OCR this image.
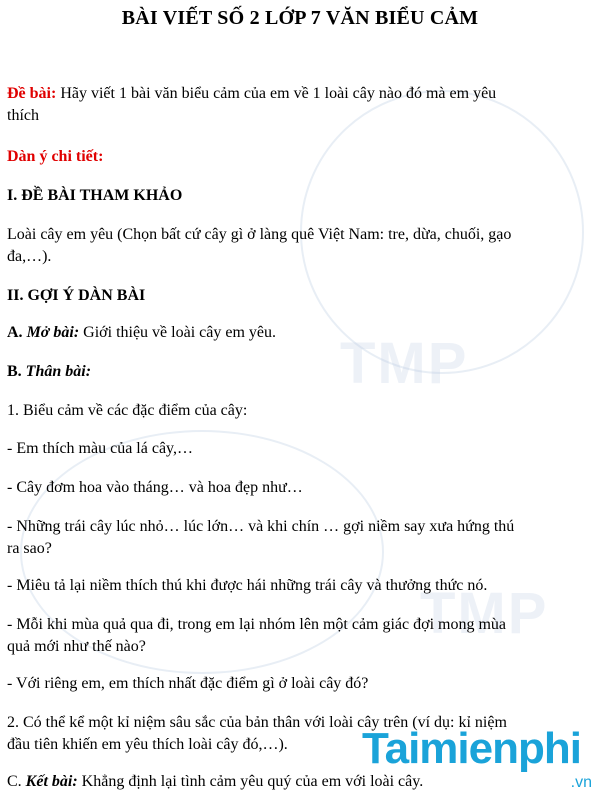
TMP
TMP
BÀI VIẾT SỐ 2 LỚP 7 VĂN BIỂU CẢM
Đề bài: Hãy viết 1 bài văn biểu cảm của em về 1 loài cây nào đó mà em yêu
thích
Dàn ý chi tiết:
I. ĐỀ BÀI THAM KHẢO
Loài cây em yêu (Chọn bất cứ cây gì ở làng quê Việt Nam: tre, dừa, chuối, gạo
đa,…).
II. GỢI Ý DÀN BÀI
A. Mở bài: Giới thiệu về loài cây em yêu.
B. Thân bài:
1. Biểu cảm về các đặc điểm của cây:
- Em thích màu của lá cây,…
- Cây đơm hoa vào tháng… và hoa đẹp như…
- Những trái cây lúc nhỏ… lúc lớn… và khi chín … gợi niềm say xưa hứng thú
ra sao?
- Miêu tả lại niềm thích thú khi được hái những trái cây và thưởng thức nó.
- Mỗi khi mùa quả qua đi, trong em lại nhóm lên một cảm giác đợi mong mùa
quả mới như thế nào?
- Với riêng em, em thích nhất đặc điểm gì ở loài cây đó?
2. Có thể kể một kỉ niệm sâu sắc của bản thân với loài cây trên (ví dụ: kỉ niệm
đầu tiên khiến em yêu thích loài cây đó,…).
C. Kết bài: Khẳng định lại tình cảm yêu quý của em với loài cây.
Taimienphi
.vn
